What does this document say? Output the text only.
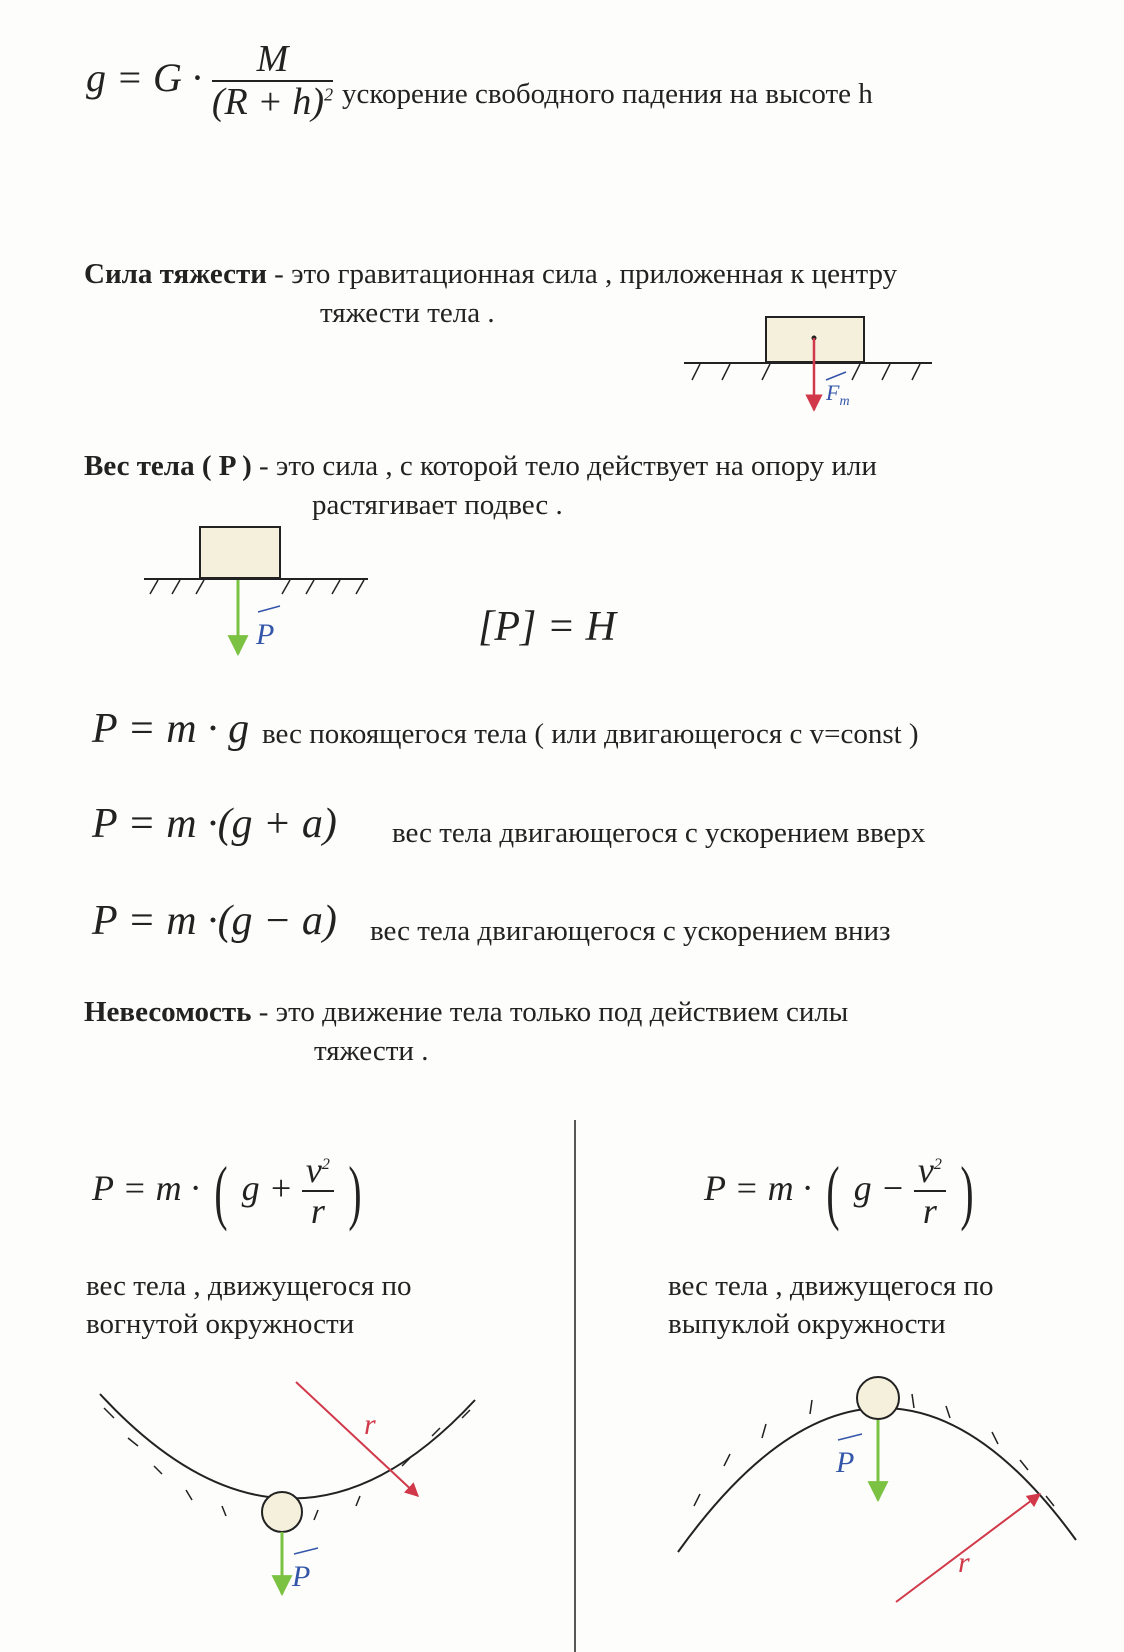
$g = G \cdot \frac{M}{(R + h)^2}$ ускорение свободного падения на высоте h
Сила тяжести - это гравитационная сила , приложенная к центру
тяжести тела .
Вес тела ( P ) - это сила , с которой тело действует на опору или
растягивает подвес .
[P] = H
P = m · g вес покоящегося тела ( или двигающегося с v=const )
P = m ·(g + a) вес тела двигающегося с ускорением вверх
P = m ·(g − a) вес тела двигающегося с ускорением вниз
Невесомость - это движение тела только под действием силы
тяжести .
P = m · ( $g + \frac{v^2}{r}$ )
вес тела , движущегося по
вогнутой окружности
P = m · ( $g - \frac{v^2}{r}$ )
вес тела , движущегося по
выпуклой окружности
$F_т$
P
r
P
P
r
